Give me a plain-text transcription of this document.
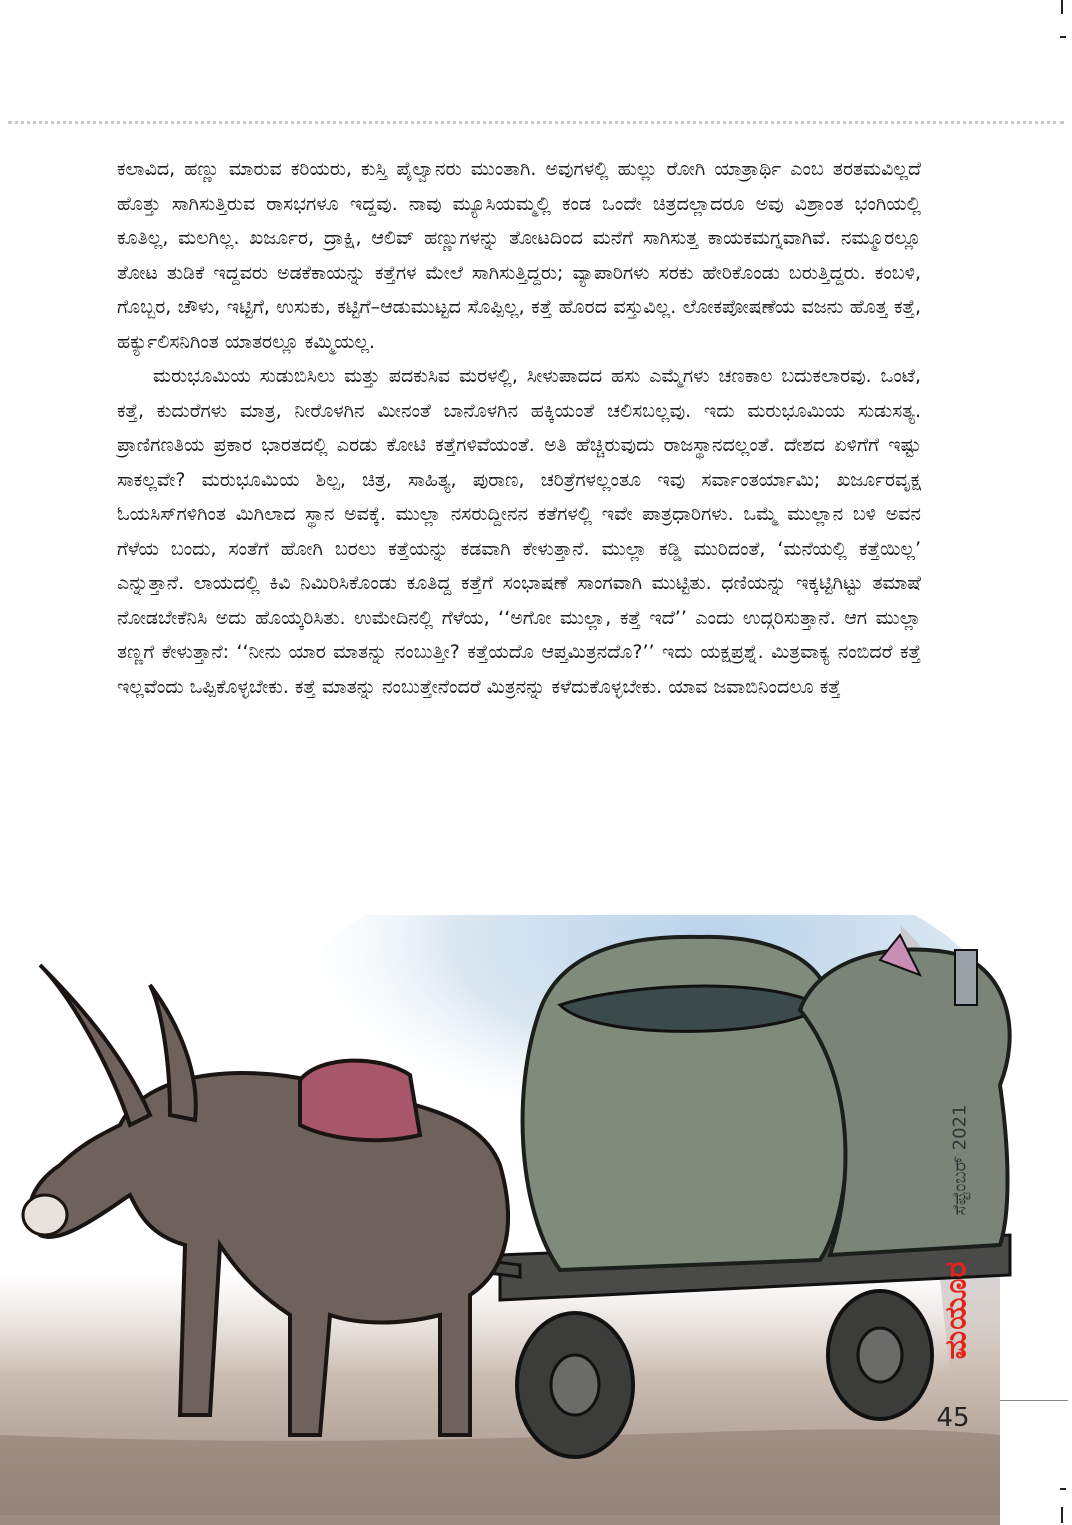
ಕಲಾವಿದ, ಹಣ್ಣು ಮಾರುವ ಕರಿಯರು, ಕುಸ್ತಿ ಪೈಲ್ವಾನರು ಮುಂತಾಗಿ. ಅವುಗಳಲ್ಲಿ ಹುಲ್ಲು ರೋಗಿ ಯಾತ್ರಾರ್ಥಿ ಎಂಬ ತರತಮವಿಲ್ಲದೆ ಹೊತ್ತು ಸಾಗಿಸುತ್ತಿರುವ ರಾಸಭಗಳೂ ಇದ್ದವು. ನಾವು ಮ್ಯೂಸಿಯಮ್ಮಲ್ಲಿ ಕಂಡ ಒಂದೇ ಚಿತ್ರದಲ್ಲಾದರೂ ಅವು ವಿಶ್ರಾಂತ ಭಂಗಿಯಲ್ಲಿ ಕೂತಿಲ್ಲ, ಮಲಗಿಲ್ಲ. ಖರ್ಜೂರ, ದ್ರಾಕ್ಷಿ, ಆಲಿವ್ ಹಣ್ಣುಗಳನ್ನು ತೋಟದಿಂದ ಮನೆಗೆ ಸಾಗಿಸುತ್ತ ಕಾಯಕಮಗ್ನವಾಗಿವೆ. ನಮ್ಮೂರಲ್ಲೂ ತೋಟ ತುಡಿಕೆ ಇದ್ದವರು ಅಡಕೆಕಾಯನ್ನು ಕತ್ತೆಗಳ ಮೇಲೆ ಸಾಗಿಸುತ್ತಿದ್ದರು; ವ್ಯಾಪಾರಿಗಳು ಸರಕು ಹೇರಿಕೊಂಡು ಬರುತ್ತಿದ್ದರು. ಕಂಬಳಿ, ಗೊಬ್ಬರ, ಚೌಳು, ಇಟ್ಟಿಗೆ, ಉಸುಕು, ಕಟ್ಟಿಗೆ–ಆಡುಮುಟ್ಟದ ಸೊಪ್ಪಿಲ್ಲ, ಕತ್ತೆ ಹೊರದ ವಸ್ತುವಿಲ್ಲ. ಲೋಕಪೋಷಣೆಯ ವಜನು ಹೊತ್ತ ಕತ್ತೆ, ಹರ್ಕ್ಯುಲಿಸನಿಗಿಂತ ಯಾತರಲ್ಲೂ ಕಮ್ಮಿಯಲ್ಲ.

ಮರುಭೂಮಿಯ ಸುಡುಬಿಸಿಲು ಮತ್ತು ಪದಕುಸಿವ ಮರಳಲ್ಲಿ, ಸೀಳುಪಾದದ ಹಸು ಎಮ್ಮೆಗಳು ಚಣಕಾಲ ಬದುಕಲಾರವು. ಒಂಟೆ, ಕತ್ತೆ, ಕುದುರೆಗಳು ಮಾತ್ರ, ನೀರೊಳಗಿನ ಮೀನಂತೆ ಬಾನೊಳಗಿನ ಹಕ್ಕಿಯಂತೆ ಚಲಿಸಬಲ್ಲವು. ಇದು ಮರುಭೂಮಿಯ ಸುಡುಸತ್ಯ. ಪ್ರಾಣಿಗಣತಿಯ ಪ್ರಕಾರ ಭಾರತದಲ್ಲಿ ಎರಡು ಕೋಟಿ ಕತ್ತೆಗಳಿವೆಯಂತೆ. ಅತಿ ಹೆಚ್ಚಿರುವುದು ರಾಜಸ್ಥಾನದಲ್ಲಂತೆ. ದೇಶದ ಏಳಿಗೆಗೆ ಇಷ್ಟು ಸಾಕಲ್ಲವೇ? ಮರುಭೂಮಿಯ ಶಿಲ್ಪ, ಚಿತ್ರ, ಸಾಹಿತ್ಯ, ಪುರಾಣ, ಚರಿತ್ರೆಗಳಲ್ಲಂತೂ ಇವು ಸರ್ವಾಂತರ್ಯಾಮಿ; ಖರ್ಜೂರವೃಕ್ಷ ಓಯಸಿಸ್‌ಗಳಿಗಿಂತ ಮಿಗಿಲಾದ ಸ್ಥಾನ ಅವಕ್ಕೆ. ಮುಲ್ಲಾ ನಸರುದ್ದೀನನ ಕತೆಗಳಲ್ಲಿ ಇವೇ ಪಾತ್ರಧಾರಿಗಳು. ಒಮ್ಮೆ ಮುಲ್ಲಾನ ಬಳಿ ಅವನ ಗೆಳೆಯ ಬಂದು, ಸಂತೆಗೆ ಹೋಗಿ ಬರಲು ಕತ್ತೆಯನ್ನು ಕಡವಾಗಿ ಕೇಳುತ್ತಾನೆ. ಮುಲ್ಲಾ ಕಡ್ಡಿ ಮುರಿದಂತೆ, ‘ಮನೆಯಲ್ಲಿ ಕತ್ತೆಯಿಲ್ಲ’ ಎನ್ನುತ್ತಾನೆ. ಲಾಯದಲ್ಲಿ ಕಿವಿ ನಿಮಿರಿಸಿಕೊಂಡು ಕೂತಿದ್ದ ಕತ್ತೆಗೆ ಸಂಭಾಷಣೆ ಸಾಂಗವಾಗಿ ಮುಟ್ಟಿತು. ಧಣಿಯನ್ನು ಇಕ್ಕಟ್ಟಿಗಿಟ್ಟು ತಮಾಷೆ ನೋಡಬೇಕೆನಿಸಿ ಅದು ಹೊಯ್ಕರಿಸಿತು. ಉಮೇದಿನಲ್ಲಿ ಗೆಳೆಯ, ‘‘ಅಗೋ ಮುಲ್ಲಾ, ಕತ್ತೆ ಇದೆ’’ ಎಂದು ಉದ್ಗರಿಸುತ್ತಾನೆ. ಆಗ ಮುಲ್ಲಾ ತಣ್ಣಗೆ ಕೇಳುತ್ತಾನೆ: ‘‘ನೀನು ಯಾರ ಮಾತನ್ನು ನಂಬುತ್ತೀ? ಕತ್ತೆಯದೊ ಆಪ್ತಮಿತ್ರನದೊ?’’ ಇದು ಯಕ್ಷಪ್ರಶ್ನೆ. ಮಿತ್ರವಾಕ್ಯ ನಂಬಿದರೆ ಕತ್ತೆ ಇಲ್ಲವೆಂದು ಒಪ್ಪಿಕೊಳ್ಳಬೇಕು. ಕತ್ತೆ ಮಾತನ್ನು ನಂಬುತ್ತೇನೆಂದರೆ ಮಿತ್ರನನ್ನು ಕಳೆದುಕೊಳ್ಳಬೇಕು. ಯಾವ ಜವಾಬಿನಿಂದಲೂ ಕತ್ತೆ

ಸೆಪ್ಟೆಂಬರ್ 2021
ಮಯೂರ
45
